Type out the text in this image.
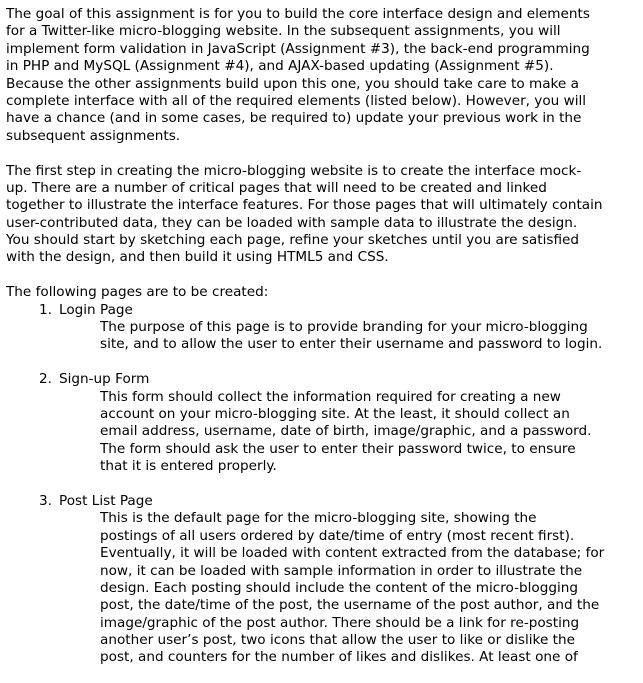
The goal of this assignment is for you to build the core interface design and elements
for a Twitter-like micro-blogging website. In the subsequent assignments, you will
implement form validation in JavaScript (Assignment #3), the back-end programming
in PHP and MySQL (Assignment #4), and AJAX-based updating (Assignment #5).
Because the other assignments build upon this one, you should take care to make a
complete interface with all of the required elements (listed below). However, you will
have a chance (and in some cases, be required to) update your previous work in the
subsequent assignments.
The first step in creating the micro-blogging website is to create the interface mock-
up. There are a number of critical pages that will need to be created and linked
together to illustrate the interface features. For those pages that will ultimately contain
user-contributed data, they can be loaded with sample data to illustrate the design.
You should start by sketching each page, refine your sketches until you are satisfied
with the design, and then build it using HTML5 and CSS.
The following pages are to be created:
1. Login Page
The purpose of this page is to provide branding for your micro-blogging
site, and to allow the user to enter their username and password to login.
2. Sign-up Form
This form should collect the information required for creating a new
account on your micro-blogging site. At the least, it should collect an
email address, username, date of birth, image/graphic, and a password.
The form should ask the user to enter their password twice, to ensure
that it is entered properly.
3. Post List Page
This is the default page for the micro-blogging site, showing the
postings of all users ordered by date/time of entry (most recent first).
Eventually, it will be loaded with content extracted from the database; for
now, it can be loaded with sample information in order to illustrate the
design. Each posting should include the content of the micro-blogging
post, the date/time of the post, the username of the post author, and the
image/graphic of the post author. There should be a link for re-posting
another user’s post, two icons that allow the user to like or dislike the
post, and counters for the number of likes and dislikes. At least one of
